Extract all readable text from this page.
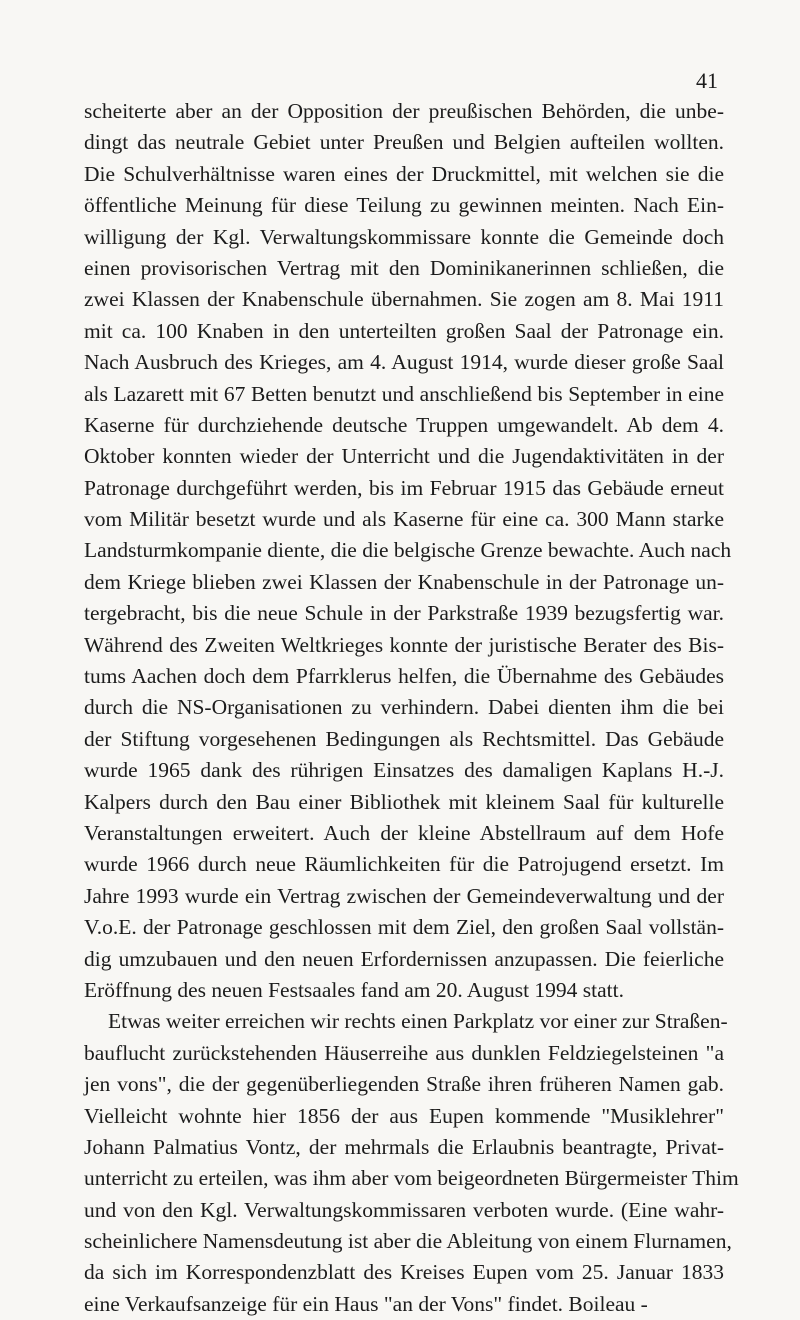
41
scheiterte aber an der Opposition der preußischen Behörden, die unbe-
dingt das neutrale Gebiet unter Preußen und Belgien aufteilen wollten.
Die Schulverhältnisse waren eines der Druckmittel, mit welchen sie die
öffentliche Meinung für diese Teilung zu gewinnen meinten. Nach Ein-
willigung der Kgl. Verwaltungskommissare konnte die Gemeinde doch
einen provisorischen Vertrag mit den Dominikanerinnen schließen, die
zwei Klassen der Knabenschule übernahmen. Sie zogen am 8. Mai 1911
mit ca. 100 Knaben in den unterteilten großen Saal der Patronage ein.
Nach Ausbruch des Krieges, am 4. August 1914, wurde dieser große Saal
als Lazarett mit 67 Betten benutzt und anschließend bis September in eine
Kaserne für durchziehende deutsche Truppen umgewandelt. Ab dem 4.
Oktober konnten wieder der Unterricht und die Jugendaktivitäten in der
Patronage durchgeführt werden, bis im Februar 1915 das Gebäude erneut
vom Militär besetzt wurde und als Kaserne für eine ca. 300 Mann starke
Landsturmkompanie diente, die die belgische Grenze bewachte. Auch nach
dem Kriege blieben zwei Klassen der Knabenschule in der Patronage un-
tergebracht, bis die neue Schule in der Parkstraße 1939 bezugsfertig war.
Während des Zweiten Weltkrieges konnte der juristische Berater des Bis-
tums Aachen doch dem Pfarrklerus helfen, die Übernahme des Gebäudes
durch die NS-Organisationen zu verhindern. Dabei dienten ihm die bei
der Stiftung vorgesehenen Bedingungen als Rechtsmittel. Das Gebäude
wurde 1965 dank des rührigen Einsatzes des damaligen Kaplans H.-J.
Kalpers durch den Bau einer Bibliothek mit kleinem Saal für kulturelle
Veranstaltungen erweitert. Auch der kleine Abstellraum auf dem Hofe
wurde 1966 durch neue Räumlichkeiten für die Patrojugend ersetzt. Im
Jahre 1993 wurde ein Vertrag zwischen der Gemeindeverwaltung und der
V.o.E. der Patronage geschlossen mit dem Ziel, den großen Saal vollstän-
dig umzubauen und den neuen Erfordernissen anzupassen. Die feierliche
Eröffnung des neuen Festsaales fand am 20. August 1994 statt.
Etwas weiter erreichen wir rechts einen Parkplatz vor einer zur Straßen-
bauflucht zurückstehenden Häuserreihe aus dunklen Feldziegelsteinen "a
jen vons", die der gegenüberliegenden Straße ihren früheren Namen gab.
Vielleicht wohnte hier 1856 der aus Eupen kommende "Musiklehrer"
Johann Palmatius Vontz, der mehrmals die Erlaubnis beantragte, Privat-
unterricht zu erteilen, was ihm aber vom beigeordneten Bürgermeister Thim
und von den Kgl. Verwaltungskommissaren verboten wurde. (Eine wahr-
scheinlichere Namensdeutung ist aber die Ableitung von einem Flurnamen,
da sich im Korrespondenzblatt des Kreises Eupen vom 25. Januar 1833
eine Verkaufsanzeige für ein Haus "an der Vons" findet. Boileau -
